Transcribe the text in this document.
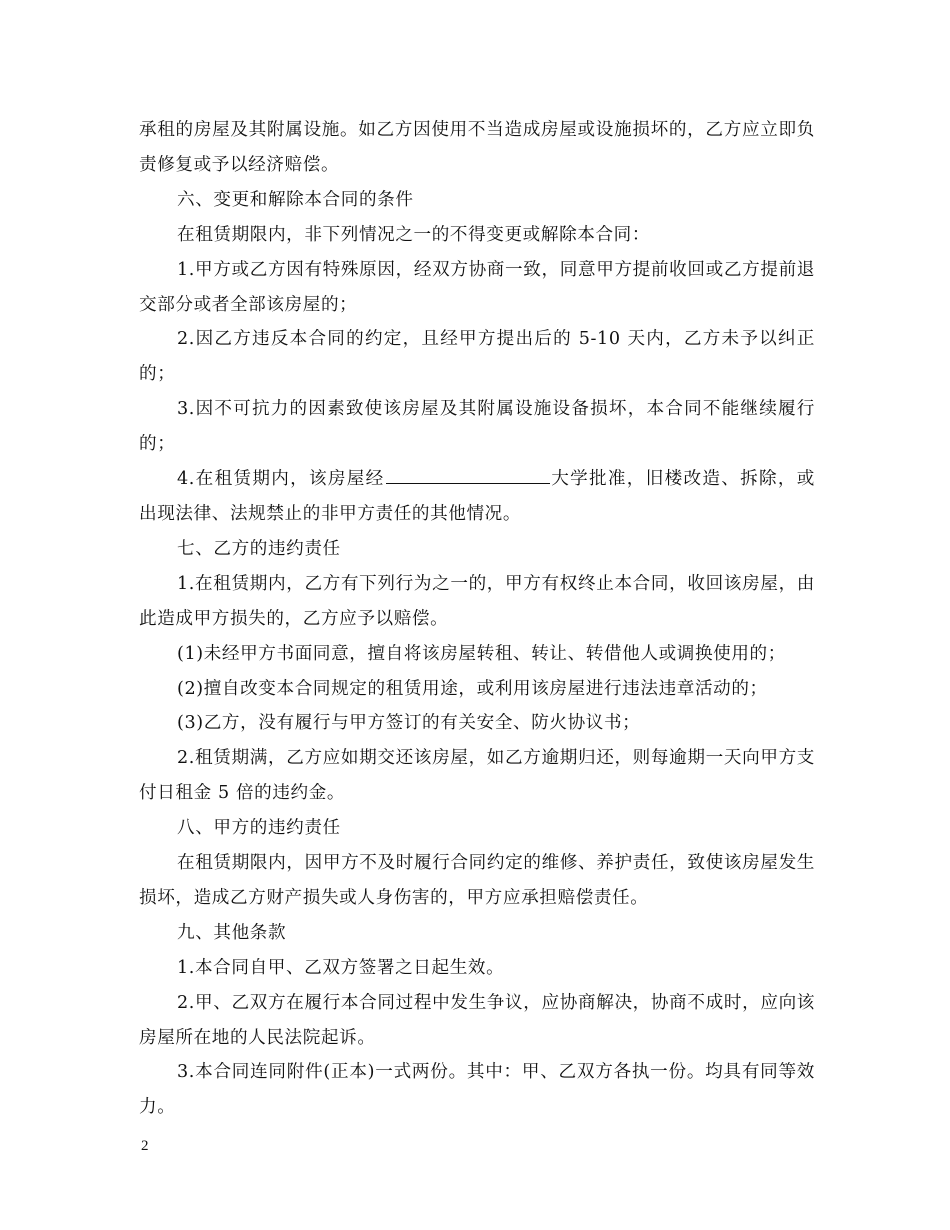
承租的房屋及其附属设施。如乙方因使用不当造成房屋或设施损坏的，乙方应立即负责修复或予以经济赔偿。

六、变更和解除本合同的条件

在租赁期限内，非下列情况之一的不得变更或解除本合同：

1.甲方或乙方因有特殊原因，经双方协商一致，同意甲方提前收回或乙方提前退交部分或者全部该房屋的；

2.因乙方违反本合同的约定，且经甲方提出后的 5-10 天内，乙方未予以纠正的；

3.因不可抗力的因素致使该房屋及其附属设施设备损坏，本合同不能继续履行的；

4.在租赁期内，该房屋经	大学批准，旧楼改造、拆除，或出现法律、法规禁止的非甲方责任的其他情况。

七、乙方的违约责任

1.在租赁期内，乙方有下列行为之一的，甲方有权终止本合同，收回该房屋，由此造成甲方损失的，乙方应予以赔偿。

(1)未经甲方书面同意，擅自将该房屋转租、转让、转借他人或调换使用的；

(2)擅自改变本合同规定的租赁用途，或利用该房屋进行违法违章活动的；

(3)乙方，没有履行与甲方签订的有关安全、防火协议书；

2.租赁期满，乙方应如期交还该房屋，如乙方逾期归还，则每逾期一天向甲方支付日租金 5 倍的违约金。

八、甲方的违约责任

在租赁期限内，因甲方不及时履行合同约定的维修、养护责任，致使该房屋发生损坏，造成乙方财产损失或人身伤害的，甲方应承担赔偿责任。

九、其他条款

1.本合同自甲、乙双方签署之日起生效。

2.甲、乙双方在履行本合同过程中发生争议，应协商解决，协商不成时，应向该房屋所在地的人民法院起诉。

3.本合同连同附件(正本)一式两份。其中：甲、乙双方各执一份。均具有同等效力。

2
